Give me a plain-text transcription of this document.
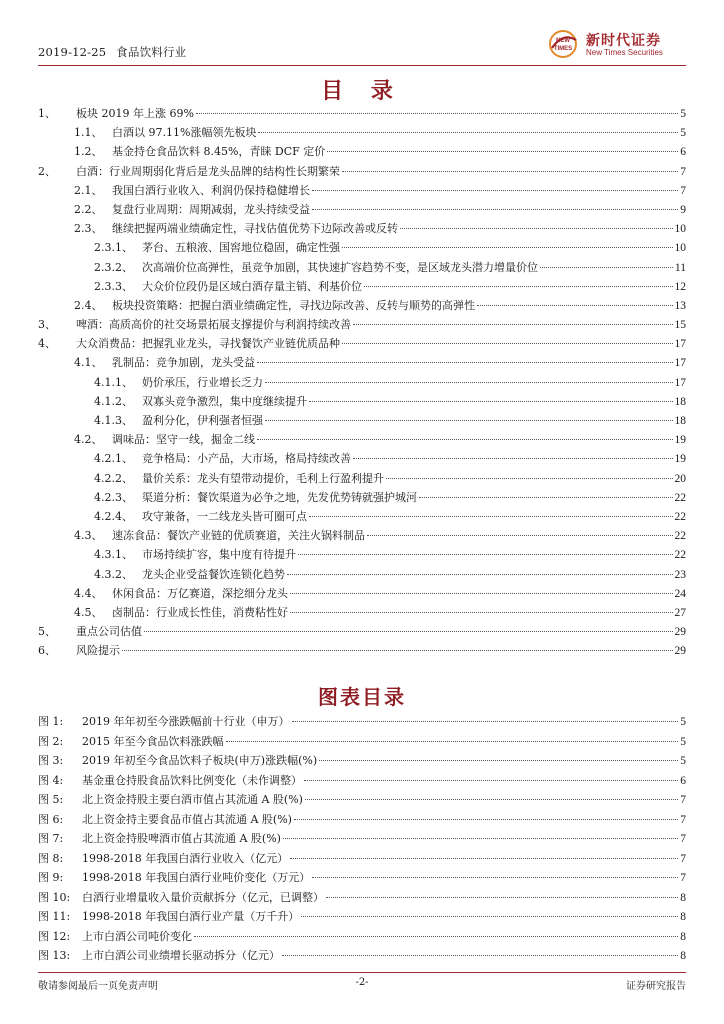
2019-12-25 食品饮料行业
NEW
TIMES 新时代证券
New Times Securities
目 录
1、	板块 2019 年上涨 69%	5
1.1、 白酒以 97.11%涨幅领先板块	5
1.2、 基金持仓食品饮料 8.45%，青睐 DCF 定价	6
2、	白酒：行业周期弱化背后是龙头品牌的结构性长期繁荣	7
2.1、 我国白酒行业收入、利润仍保持稳健增长	7
2.2、 复盘行业周期：周期减弱，龙头持续受益	9
2.3、 继续把握两端业绩确定性，寻找估值优势下边际改善或反转	10
2.3.1、 茅台、五粮液、国窖地位稳固，确定性强	10
2.3.2、 次高端价位高弹性，虽竞争加剧，其快速扩容趋势不变，是区域龙头潜力增量价位	11
2.3.3、 大众价位段仍是区域白酒存量主销、利基价位	12
2.4、 板块投资策略：把握白酒业绩确定性，寻找边际改善、反转与顺势的高弹性	13
3、	啤酒：高质高价的社交场景拓展支撑提价与利润持续改善	15
4、	大众消费品：把握乳业龙头，寻找餐饮产业链优质品种	17
4.1、 乳制品：竞争加剧，龙头受益	17
4.1.1、 奶价承压，行业增长乏力	17
4.1.2、 双寡头竞争激烈，集中度继续提升	18
4.1.3、 盈利分化，伊利强者恒强	18
4.2、 调味品：坚守一线，掘金二线	19
4.2.1、 竞争格局：小产品，大市场，格局持续改善	19
4.2.2、 量价关系：龙头有望带动提价，毛利上行盈利提升	20
4.2.3、 渠道分析：餐饮渠道为必争之地，先发优势铸就强护城河	22
4.2.4、 攻守兼备，一二线龙头皆可圈可点	22
4.3、 速冻食品：餐饮产业链的优质赛道，关注火锅料制品	22
4.3.1、 市场持续扩容，集中度有待提升	22
4.3.2、 龙头企业受益餐饮连锁化趋势	23
4.4、 休闲食品：万亿赛道，深挖细分龙头	24
4.5、 卤制品：行业成长性佳，消费粘性好	27
5、	重点公司估值	29
6、	风险提示	29
图表目录
图 1:	2019 年年初至今涨跌幅前十行业（申万）	5
图 2:	2015 年至今食品饮料涨跌幅	5
图 3:	2019 年初至今食品饮料子板块(申万)涨跌幅(%)	5
图 4:	基金重仓持股食品饮料比例变化（未作调整）	6
图 5:	北上资金持股主要白酒市值占其流通 A 股(%)	7
图 6:	北上资金持主要食品市值占其流通 A 股(%)	7
图 7:	北上资金持股啤酒市值占其流通 A 股(%)	7
图 8:	1998-2018 年我国白酒行业收入（亿元）	7
图 9:	1998-2018 年我国白酒行业吨价变化（万元）	7
图 10:	白酒行业增量收入量价贡献拆分（亿元，已调整）	8
图 11:	1998-2018 年我国白酒行业产量（万千升）	8
图 12:	上市白酒公司吨价变化	8
图 13:	上市白酒公司业绩增长驱动拆分（亿元）	8
敬请参阅最后一页免责声明	-2-	证券研究报告
